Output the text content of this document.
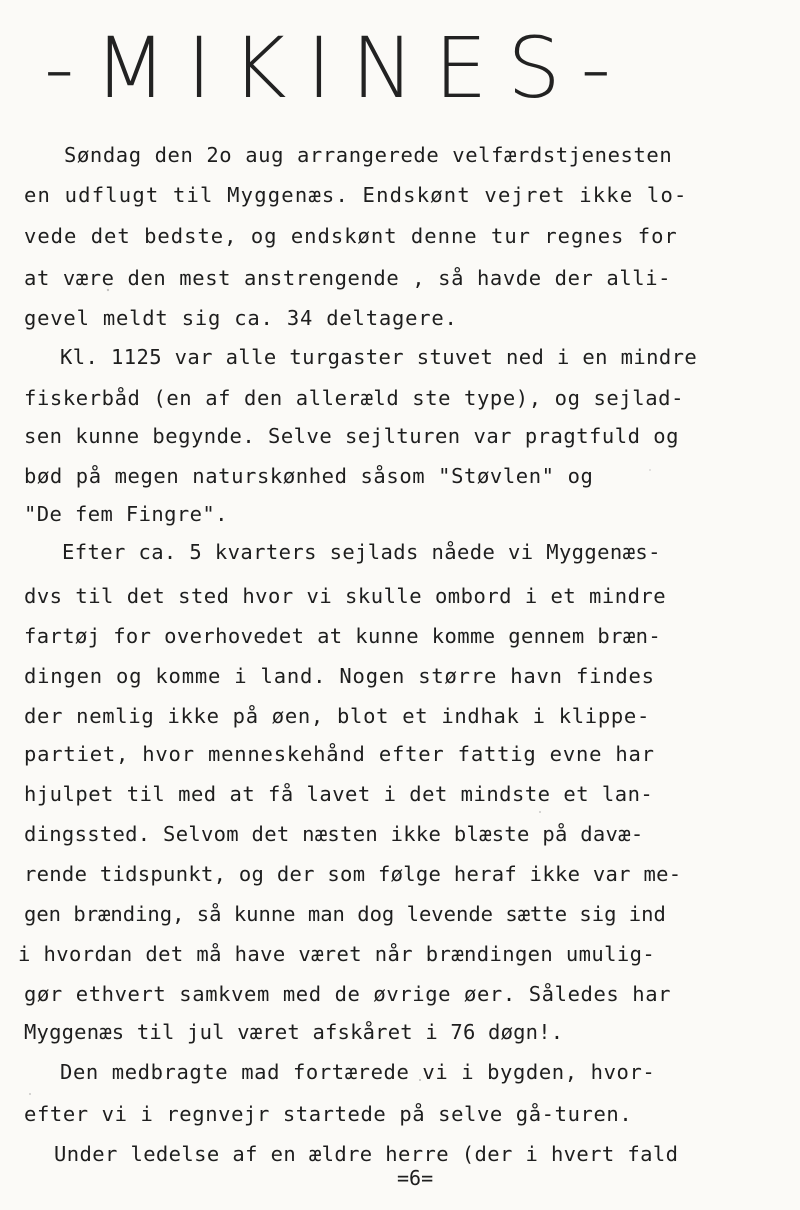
-MIKINES-
Søndag den 2o aug arrangerede velfærdstjenesten
en udflugt til Myggenæs. Endskønt vejret ikke lo-
vede det bedste, og endskønt denne tur regnes for
at være den mest anstrengende , så havde der alli-
gevel meldt sig ca. 34 deltagere.
Kl. 1125 var alle turgaster stuvet ned i en mindre
fiskerbåd (en af den alleræld ste type), og sejlad-
sen kunne begynde. Selve sejlturen var pragtfuld og
bød på megen naturskønhed såsom "Støvlen" og
"De fem Fingre".
Efter ca. 5 kvarters sejlads nåede vi Myggenæs-
dvs til det sted hvor vi skulle ombord i et mindre
fartøj for overhovedet at kunne komme gennem bræn-
dingen og komme i land. Nogen større havn findes
der nemlig ikke på øen, blot et indhak i klippe-
partiet, hvor menneskehånd efter fattig evne har
hjulpet til med at få lavet i det mindste et lan-
dingssted. Selvom det næsten ikke blæste på davæ-
rende tidspunkt, og der som følge heraf ikke var me-
gen brænding, så kunne man dog levende sætte sig ind
i hvordan det må have været når brændingen umulig-
gør ethvert samkvem med de øvrige øer. Således har
Myggenæs til jul været afskåret i 76 døgn!.
Den medbragte mad fortærede vi i bygden, hvor-
efter vi i regnvejr startede på selve gå-turen.
Under ledelse af en ældre herre (der i hvert fald
=6=
